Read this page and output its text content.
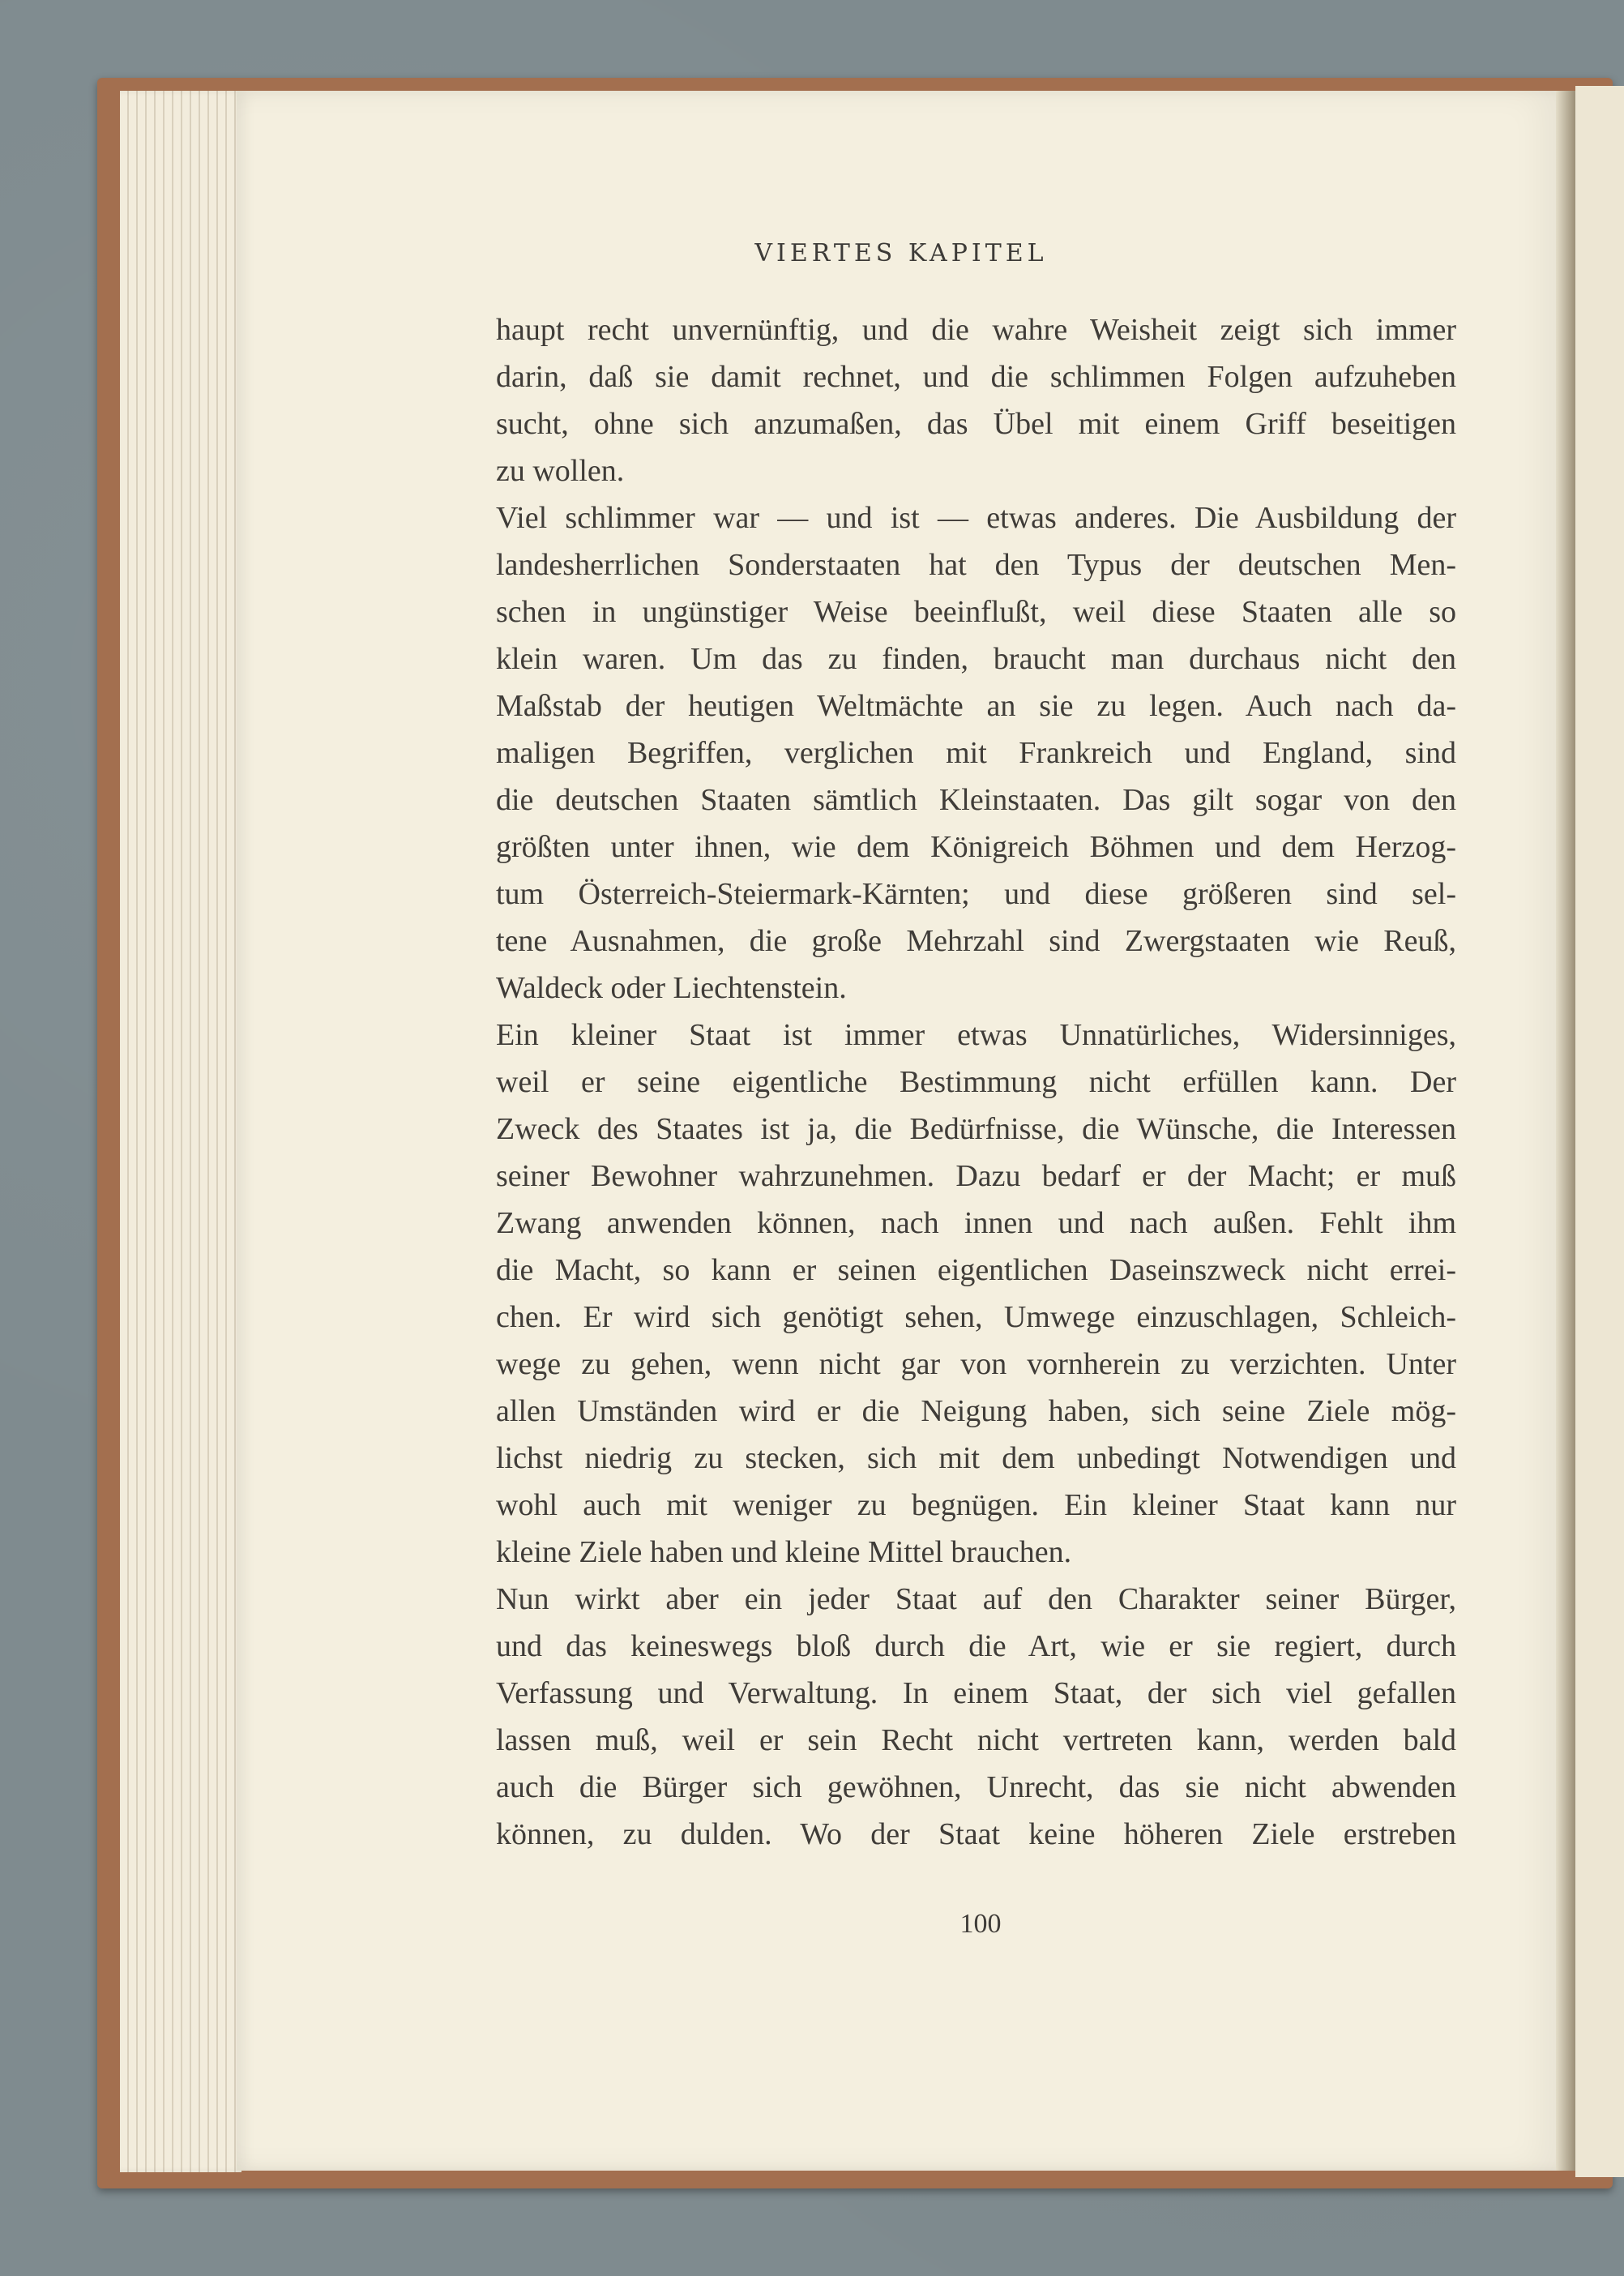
VIERTES KAPITEL
haupt recht unvernünftig, und die wahre Weisheit zeigt sich immer
darin, daß sie damit rechnet, und die schlimmen Folgen aufzuheben
sucht, ohne sich anzumaßen, das Übel mit einem Griff beseitigen
zu wollen.
Viel schlimmer war — und ist — etwas anderes. Die Ausbildung der
landesherrlichen Sonderstaaten hat den Typus der deutschen Men-
schen in ungünstiger Weise beeinflußt, weil diese Staaten alle so
klein waren. Um das zu finden, braucht man durchaus nicht den
Maßstab der heutigen Weltmächte an sie zu legen. Auch nach da-
maligen Begriffen, verglichen mit Frankreich und England, sind
die deutschen Staaten sämtlich Kleinstaaten. Das gilt sogar von den
größten unter ihnen, wie dem Königreich Böhmen und dem Herzog-
tum Österreich-Steiermark-Kärnten; und diese größeren sind sel-
tene Ausnahmen, die große Mehrzahl sind Zwergstaaten wie Reuß,
Waldeck oder Liechtenstein.
Ein kleiner Staat ist immer etwas Unnatürliches, Widersinniges,
weil er seine eigentliche Bestimmung nicht erfüllen kann. Der
Zweck des Staates ist ja, die Bedürfnisse, die Wünsche, die Interessen
seiner Bewohner wahrzunehmen. Dazu bedarf er der Macht; er muß
Zwang anwenden können, nach innen und nach außen. Fehlt ihm
die Macht, so kann er seinen eigentlichen Daseinszweck nicht errei-
chen. Er wird sich genötigt sehen, Umwege einzuschlagen, Schleich-
wege zu gehen, wenn nicht gar von vornherein zu verzichten. Unter
allen Umständen wird er die Neigung haben, sich seine Ziele mög-
lichst niedrig zu stecken, sich mit dem unbedingt Notwendigen und
wohl auch mit weniger zu begnügen. Ein kleiner Staat kann nur
kleine Ziele haben und kleine Mittel brauchen.
Nun wirkt aber ein jeder Staat auf den Charakter seiner Bürger,
und das keineswegs bloß durch die Art, wie er sie regiert, durch
Verfassung und Verwaltung. In einem Staat, der sich viel gefallen
lassen muß, weil er sein Recht nicht vertreten kann, werden bald
auch die Bürger sich gewöhnen, Unrecht, das sie nicht abwenden
können, zu dulden. Wo der Staat keine höheren Ziele erstreben
100
